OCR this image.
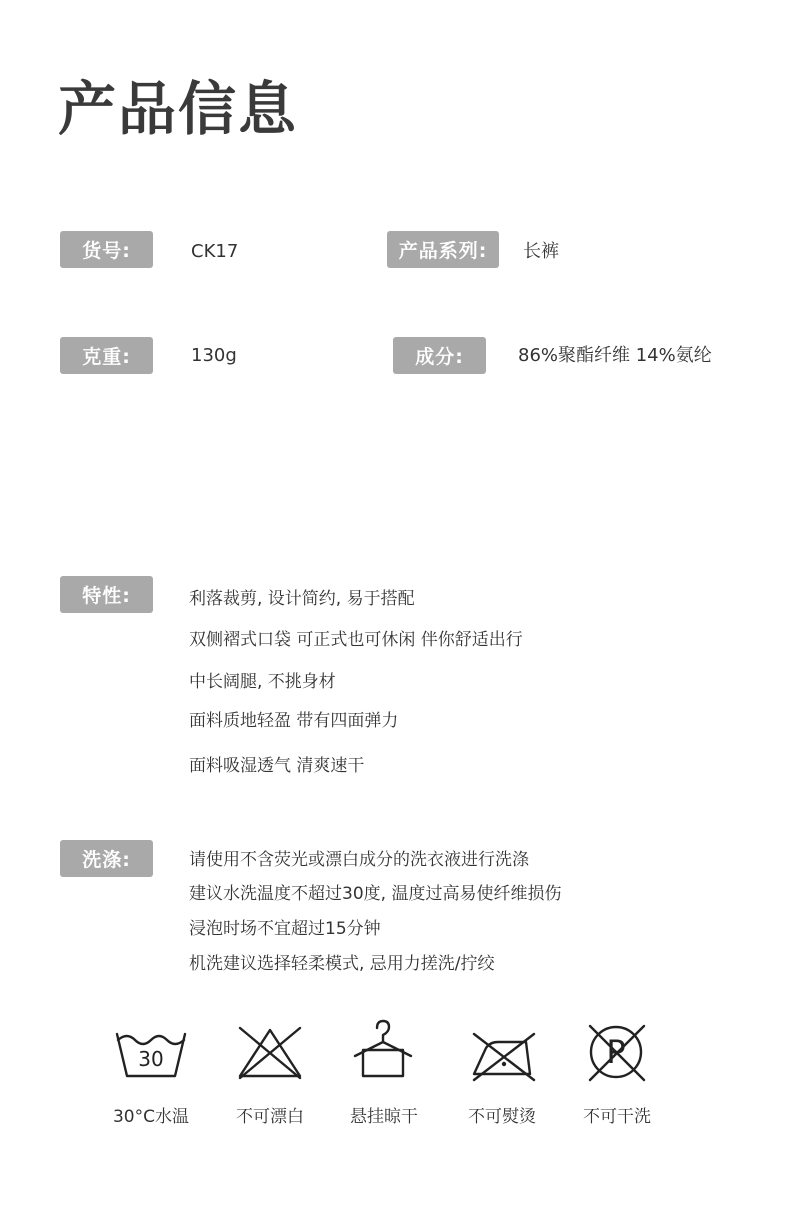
产品信息
货号:	CK17	产品系列:	长裤
克重:	130g	成分:	86%聚酯纤维 14%氨纶
特性:	利落裁剪, 设计简约, 易于搭配
双侧褶式口袋 可正式也可休闲 伴你舒适出行
中长阔腿, 不挑身材
面料质地轻盈 带有四面弹力
面料吸湿透气 清爽速干
洗涤:	请使用不含荧光或漂白成分的洗衣液进行洗涤
建议水洗温度不超过30度, 温度过高易使纤维损伤
浸泡时场不宜超过15分钟
机洗建议选择轻柔模式, 忌用力搓洗/拧绞
30	P
30°C水温	不可漂白	悬挂晾干	不可熨烫	不可干洗
